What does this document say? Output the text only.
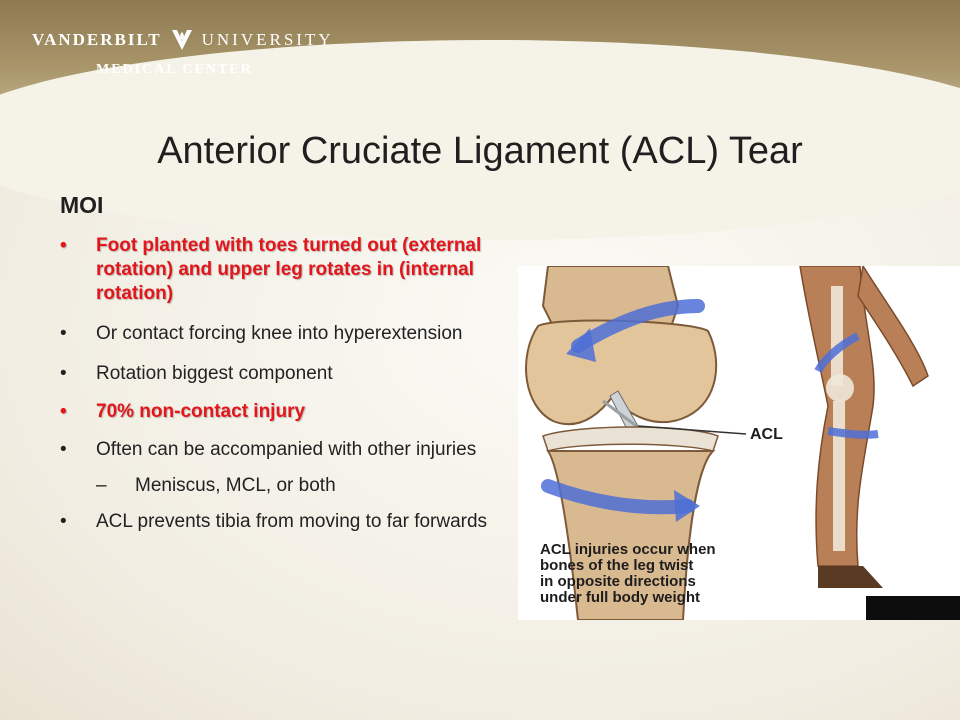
VANDERBILT UNIVERSITY
MEDICAL CENTER
Anterior Cruciate Ligament (ACL) Tear
MOI
• Foot planted with toes turned out (external rotation) and upper leg rotates in (internal rotation)
• Or contact forcing knee into hyperextension
• Rotation biggest component
• 70% non-contact injury
• Often can be accompanied with other injuries
– Meniscus, MCL, or both
• ACL prevents tibia from moving to far forwards
ACL
ACL injuries occur when
bones of the leg twist
in opposite directions
under full body weight
